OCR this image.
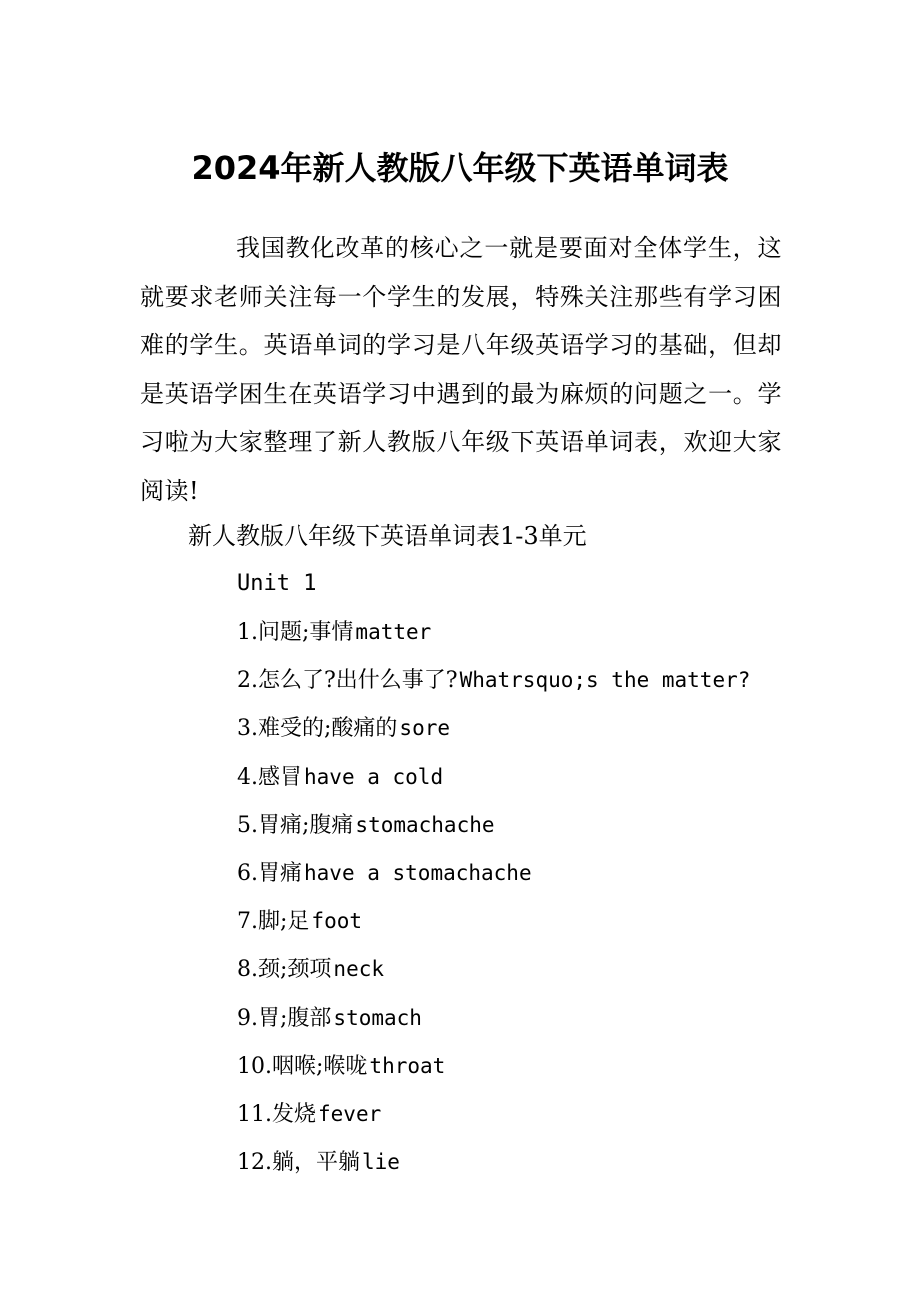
2024年新人教版八年级下英语单词表

我国教化改革的核心之一就是要面对全体学生，这就要求老师关注每一个学生的发展，特殊关注那些有学习困难的学生。英语单词的学习是八年级英语学习的基础，但却是英语学困生在英语学习中遇到的最为麻烦的问题之一。学习啦为大家整理了新人教版八年级下英语单词表，欢迎大家阅读!

新人教版八年级下英语单词表1-3单元

Unit 1

1.问题;事情matter
2.怎么了?出什么事了?Whatrsquo;s the matter?
3.难受的;酸痛的sore
4.感冒have a cold
5.胃痛;腹痛stomachache
6.胃痛have a stomachache
7.脚;足foot
8.颈;颈项neck
9.胃;腹部stomach
10.咽喉;喉咙throat
11.发烧fever
12.躺，平躺lie
